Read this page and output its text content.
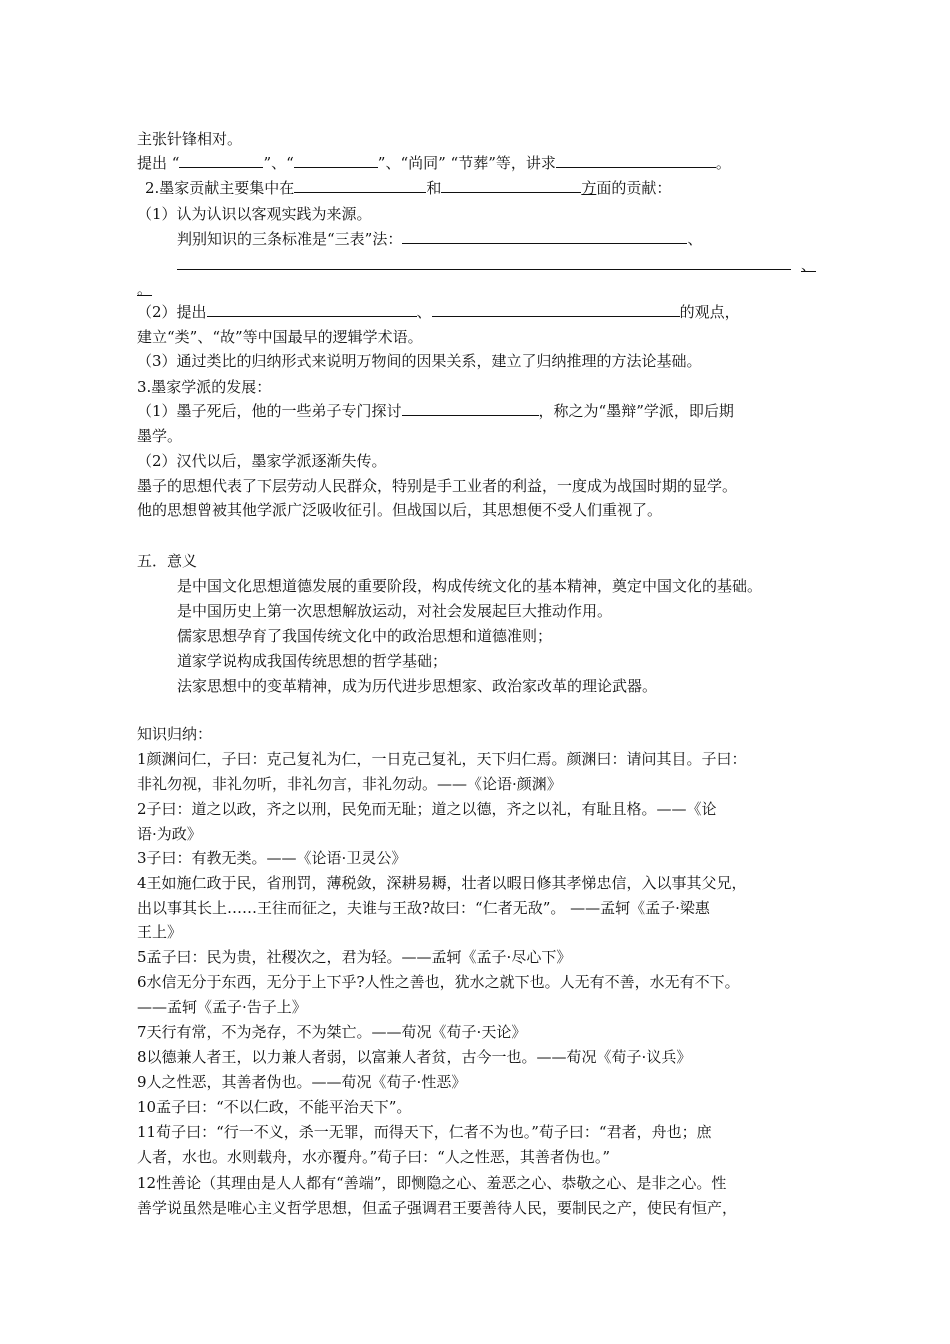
主张针锋相对。
提出 “	”、“	”、“尚同” “节葬”等，讲求	。
2.墨家贡献主要集中在	和	方面的贡献：
（1）认为认识以客观实践为来源。
判别知识的三条标准是“三表”法：	、
、
。
（2）提出	、	的观点，
建立“类”、“故”等中国最早的逻辑学术语。
（3）通过类比的归纳形式来说明万物间的因果关系，建立了归纳推理的方法论基础。
3.墨家学派的发展：
（1）墨子死后，他的一些弟子专门探讨	，称之为“墨辩”学派，即后期
墨学。
（2）汉代以后，墨家学派逐渐失传。
墨子的思想代表了下层劳动人民群众，特别是手工业者的利益，一度成为战国时期的显学。
他的思想曾被其他学派广泛吸收征引。但战国以后，其思想便不受人们重视了。
五．意义
是中国文化思想道德发展的重要阶段，构成传统文化的基本精神，奠定中国文化的基础。
是中国历史上第一次思想解放运动，对社会发展起巨大推动作用。
儒家思想孕育了我国传统文化中的政治思想和道德准则；
道家学说构成我国传统思想的哲学基础；
法家思想中的变革精神，成为历代进步思想家、政治家改革的理论武器。
知识归纳：
1颜渊问仁，子曰：克己复礼为仁，一日克己复礼，天下归仁焉。颜渊曰：请问其目。子曰：
非礼勿视，非礼勿听，非礼勿言，非礼勿动。——《论语·颜渊》
2子曰：道之以政，齐之以刑，民免而无耻；道之以德，齐之以礼，有耻且格。——《论
语·为政》
3子曰：有教无类。——《论语·卫灵公》
4王如施仁政于民，省刑罚，薄税敛，深耕易耨，壮者以暇日修其孝悌忠信，入以事其父兄，
出以事其长上……王往而征之，夫谁与王敌?故曰：“仁者无敌”。 ——孟轲《孟子·梁惠
王上》
5孟子曰：民为贵，社稷次之，君为轻。——孟轲《孟子·尽心下》
6水信无分于东西，无分于上下乎?人性之善也，犹水之就下也。人无有不善，水无有不下。
——孟轲《孟子·告子上》
7天行有常，不为尧存，不为桀亡。——荀况《荀子·天论》
8以德兼人者王，以力兼人者弱，以富兼人者贫，古今一也。——荀况《荀子·议兵》
9人之性恶，其善者伪也。——荀况《荀子·性恶》
10孟子曰：“不以仁政，不能平治天下”。
11荀子曰：“行一不义，杀一无罪，而得天下，仁者不为也。”荀子曰：“君者，舟也；庶
人者，水也。水则载舟，水亦覆舟。”荀子曰：“人之性恶，其善者伪也。”
12性善论（其理由是人人都有“善端”，即恻隐之心、羞恶之心、恭敬之心、是非之心。性
善学说虽然是唯心主义哲学思想，但孟子强调君王要善待人民，要制民之产，使民有恒产，
